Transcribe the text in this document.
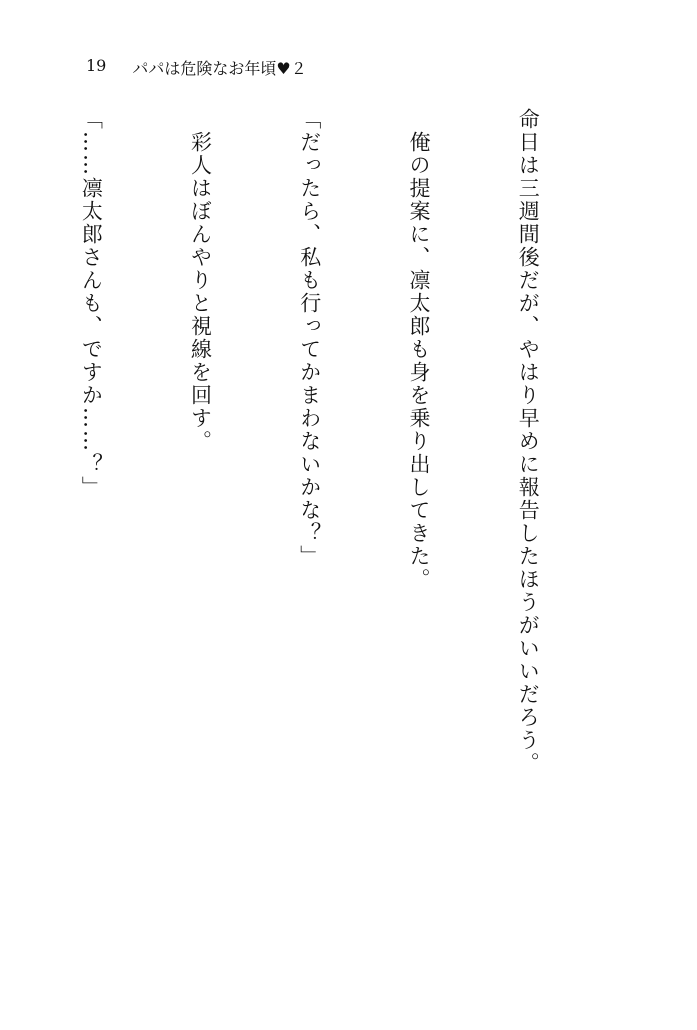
19 パパは危険なお年頃♥２

命日は三週間後だが、やはり早めに報告したほうがいいだろう。

　俺の提案に、凛太郎も身を乗り出してきた。

「だったら、私も行ってかまわないかな？」

　彩人はぼんやりと視線を回す。

「……凛太郎さんも、ですか……？」
